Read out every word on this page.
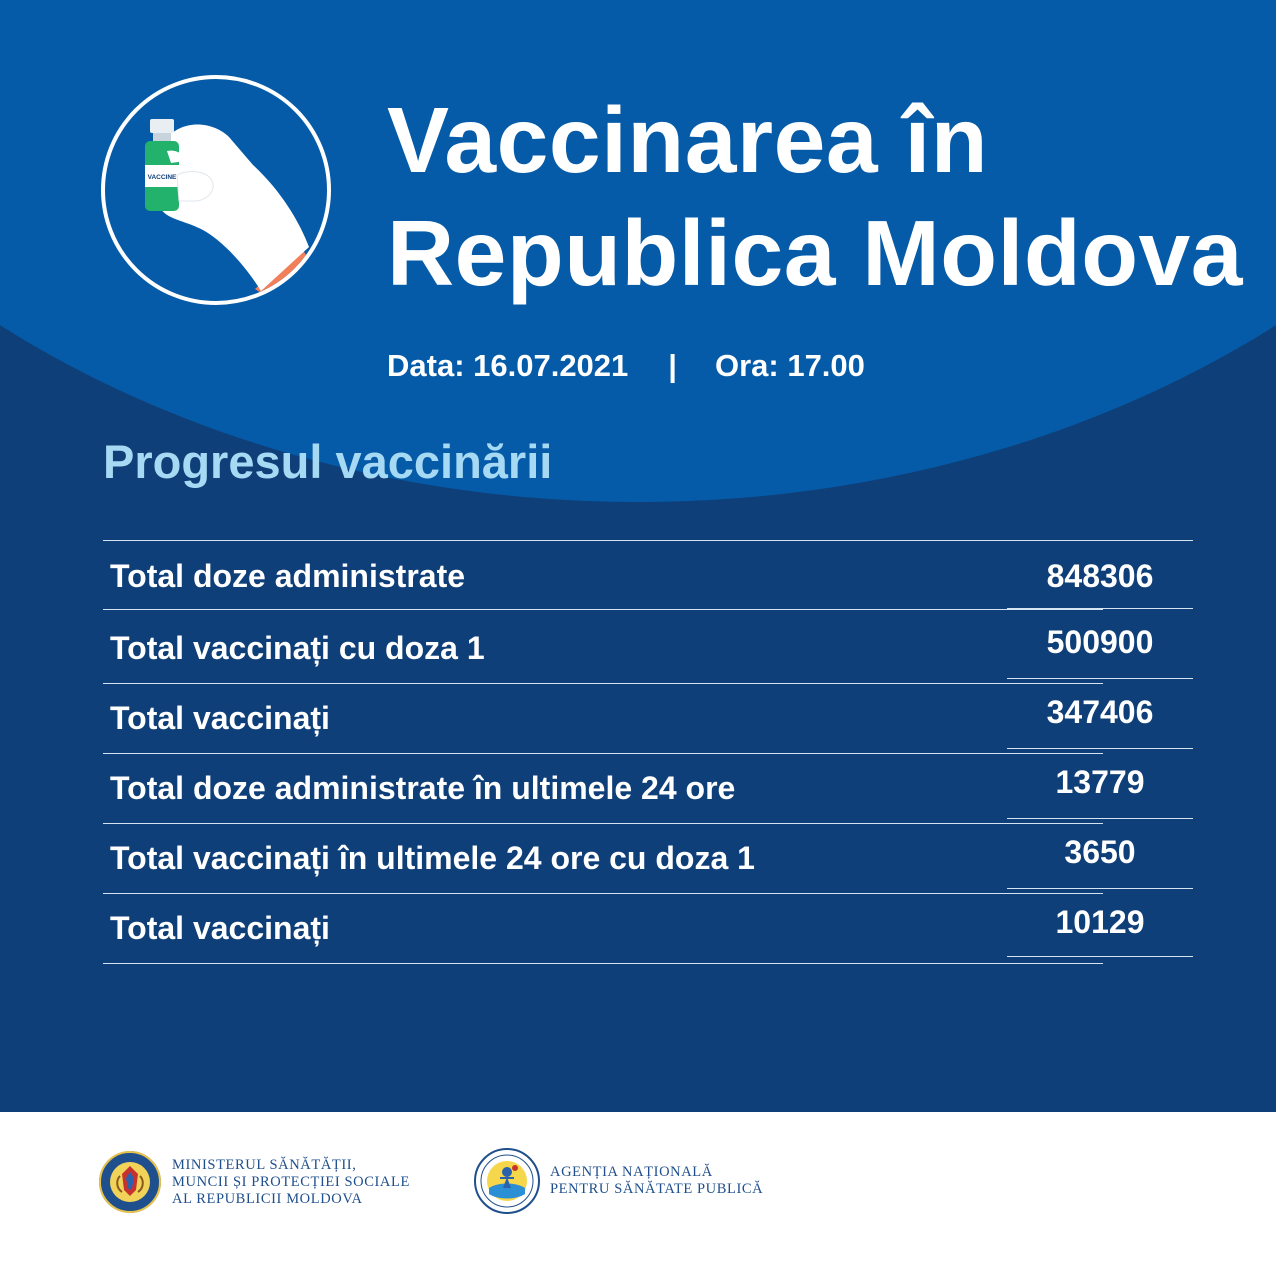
VACCINE Vaccinarea în
Republica Moldova
Data: 16.07.2021 | Ora: 17.00
Progresul vaccinării
Total doze administrate	848306
Total vaccinați cu doza 1	500900
Total vaccinați	347406
Total doze administrate în ultimele 24 ore	13779
Total vaccinați în ultimele 24 ore cu doza 1	3650
Total vaccinați	10129
MINISTERUL SĂNĂTĂȚII,
MUNCII ȘI PROTECȚIEI SOCIALE
AL REPUBLICII MOLDOVA
AGENȚIA NAȚIONALĂ
PENTRU SĂNĂTATE PUBLICĂ
